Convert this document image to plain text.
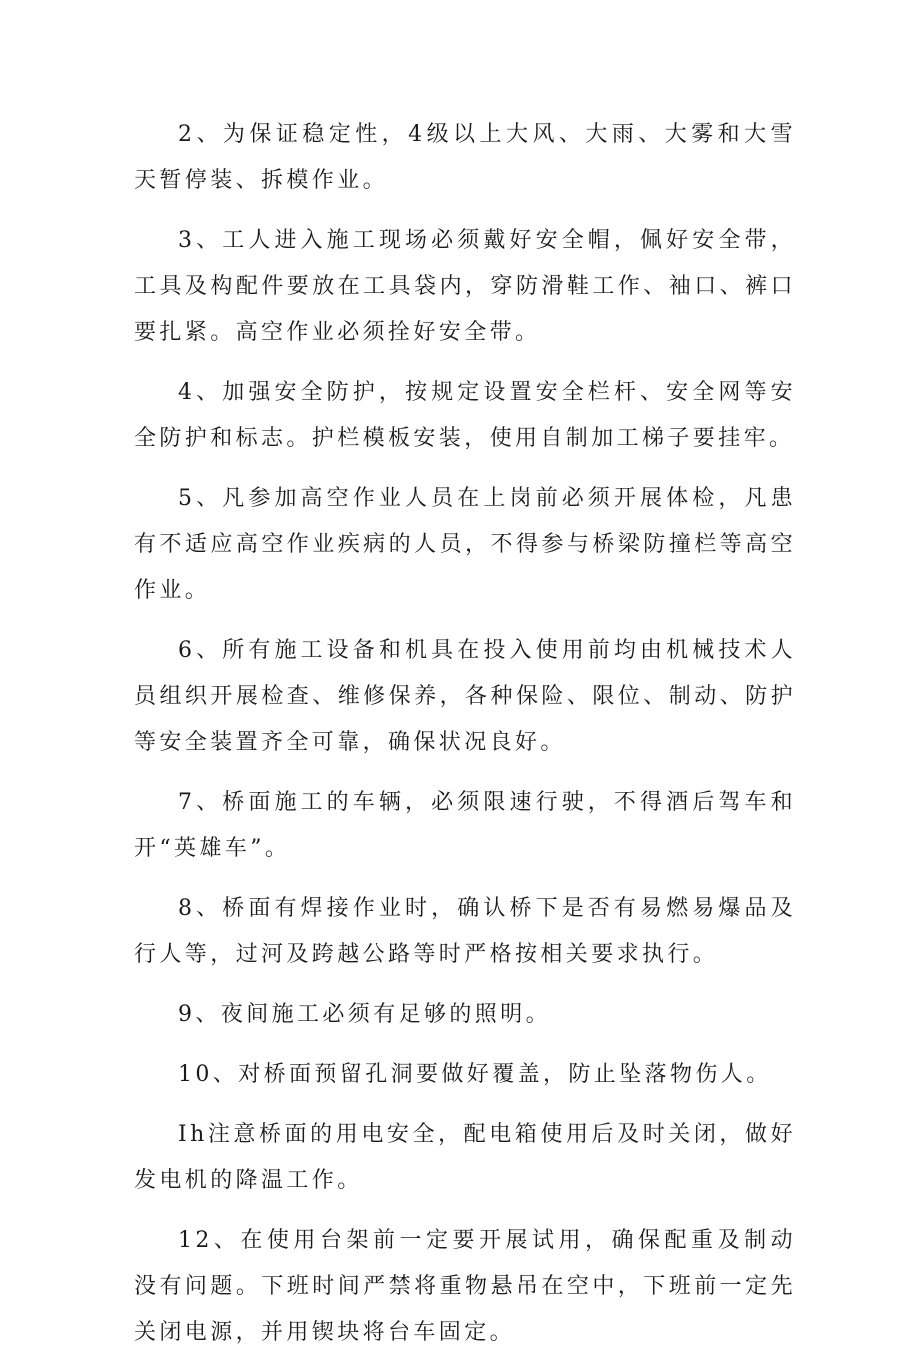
2、为保证稳定性，4级以上大风、大雨、大雾和大雪天暂停装、拆模作业。

3、工人进入施工现场必须戴好安全帽，佩好安全带，工具及构配件要放在工具袋内，穿防滑鞋工作、袖口、裤口要扎紧。高空作业必须拴好安全带。

4、加强安全防护，按规定设置安全栏杆、安全网等安全防护和标志。护栏模板安装，使用自制加工梯子要挂牢。

5、凡参加高空作业人员在上岗前必须开展体检，凡患有不适应高空作业疾病的人员，不得参与桥梁防撞栏等高空作业。

6、所有施工设备和机具在投入使用前均由机械技术人员组织开展检查、维修保养，各种保险、限位、制动、防护等安全装置齐全可靠，确保状况良好。

7、桥面施工的车辆，必须限速行驶，不得酒后驾车和开“英雄车”。

8、桥面有焊接作业时，确认桥下是否有易燃易爆品及行人等，过河及跨越公路等时严格按相关要求执行。

9、夜间施工必须有足够的照明。

10、对桥面预留孔洞要做好覆盖，防止坠落物伤人。

Ih注意桥面的用电安全，配电箱使用后及时关闭，做好发电机的降温工作。

12、在使用台架前一定要开展试用，确保配重及制动没有问题。下班时间严禁将重物悬吊在空中，下班前一定先关闭电源，并用锲块将台车固定。
